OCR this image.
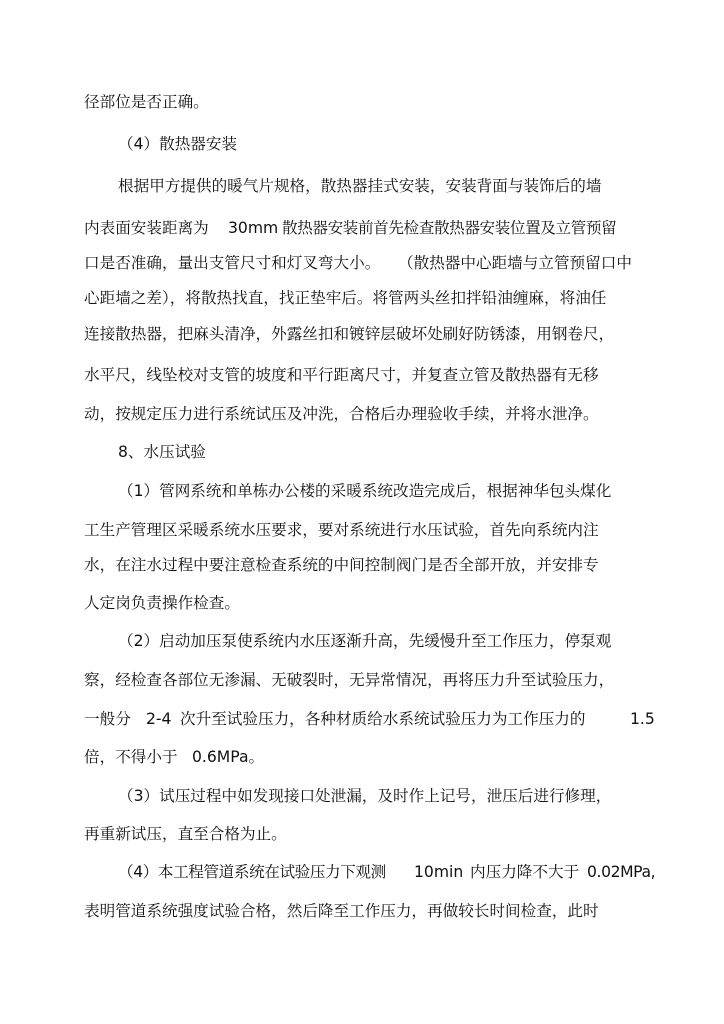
径部位是否正确。
（4）散热器安装
根据甲方提供的暖气片规格，散热器挂式安装，安装背面与装饰后的墙
内表面安装距离为 30mm 散热器安装前首先检查散热器安装位置及立管预留
口是否准确，量出支管尺寸和灯叉弯大小。 （散热器中心距墙与立管预留口中
心距墙之差），将散热找直，找正垫牢后。将管两头丝扣拌铅油缠麻，将油任
连接散热器，把麻头清净，外露丝扣和镀锌层破坏处刷好防锈漆，用钢卷尺，
水平尺，线坠校对支管的坡度和平行距离尺寸，并复查立管及散热器有无移
动，按规定压力进行系统试压及冲洗，合格后办理验收手续，并将水泄净。
8、水压试验
（1）管网系统和单栋办公楼的采暖系统改造完成后，根据神华包头煤化
工生产管理区采暖系统水压要求，要对系统进行水压试验，首先向系统内注
水，在注水过程中要注意检查系统的中间控制阀门是否全部开放，并安排专
人定岗负责操作检查。
（2）启动加压泵使系统内水压逐渐升高，先缓慢升至工作压力，停泵观
察，经检查各部位无渗漏、无破裂时，无异常情况，再将压力升至试验压力，
一般分 2-4 次升至试验压力，各种材质给水系统试验压力为工作压力的	1.5
倍，不得小于 0.6MPa。
（3）试压过程中如发现接口处泄漏，及时作上记号，泄压后进行修理，
再重新试压，直至合格为止。
（4）本工程管道系统在试验压力下观测 10min 内压力降不大于 0.02MPa,
表明管道系统强度试验合格，然后降至工作压力，再做较长时间检查，此时
